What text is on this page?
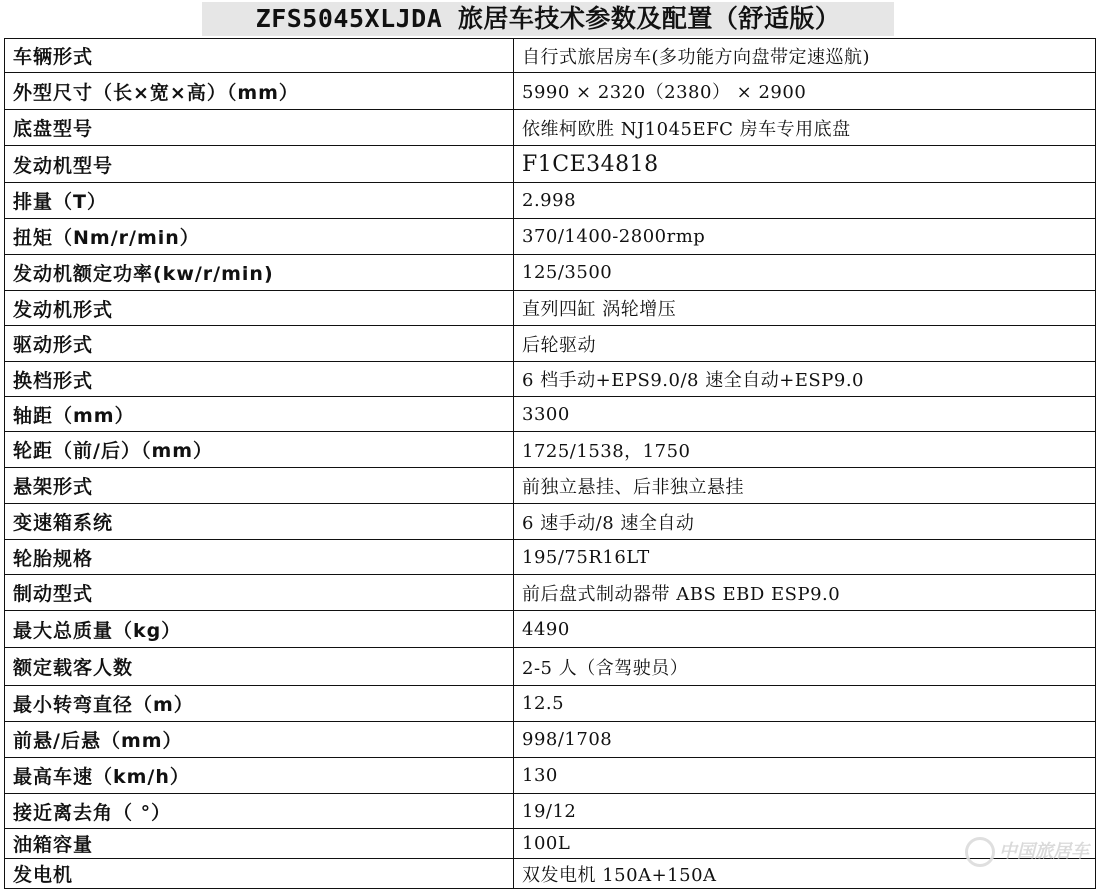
ZFS5045XLJDA 旅居车技术参数及配置（舒适版）
车辆形式	自行式旅居房车(多功能方向盘带定速巡航)
外型尺寸（长×宽×高）（mm）	5990 × 2320（2380） × 2900
底盘型号	依维柯欧胜 NJ1045EFC 房车专用底盘
发动机型号	F1CE34818
排量（T）	2.998
扭矩（Nm/r/min）	370/1400-2800rmp
发动机额定功率(kw/r/min)	125/3500
发动机形式	直列四缸 涡轮增压
驱动形式	后轮驱动
换档形式	6 档手动+EPS9.0/8 速全自动+ESP9.0
轴距（mm）	3300
轮距（前/后）（mm）	1725/1538，1750
悬架形式	前独立悬挂、后非独立悬挂
变速箱系统	6 速手动/8 速全自动
轮胎规格	195/75R16LT
制动型式	前后盘式制动器带 ABS EBD ESP9.0
最大总质量（kg）	4490
额定载客人数	2-5 人（含驾驶员）
最小转弯直径（m）	12.5
前悬/后悬（mm）	998/1708
最高车速（km/h）	130
接近离去角（ °）	19/12
油箱容量	100L
发电机	双发电机 150A+150A
中国旅居车
